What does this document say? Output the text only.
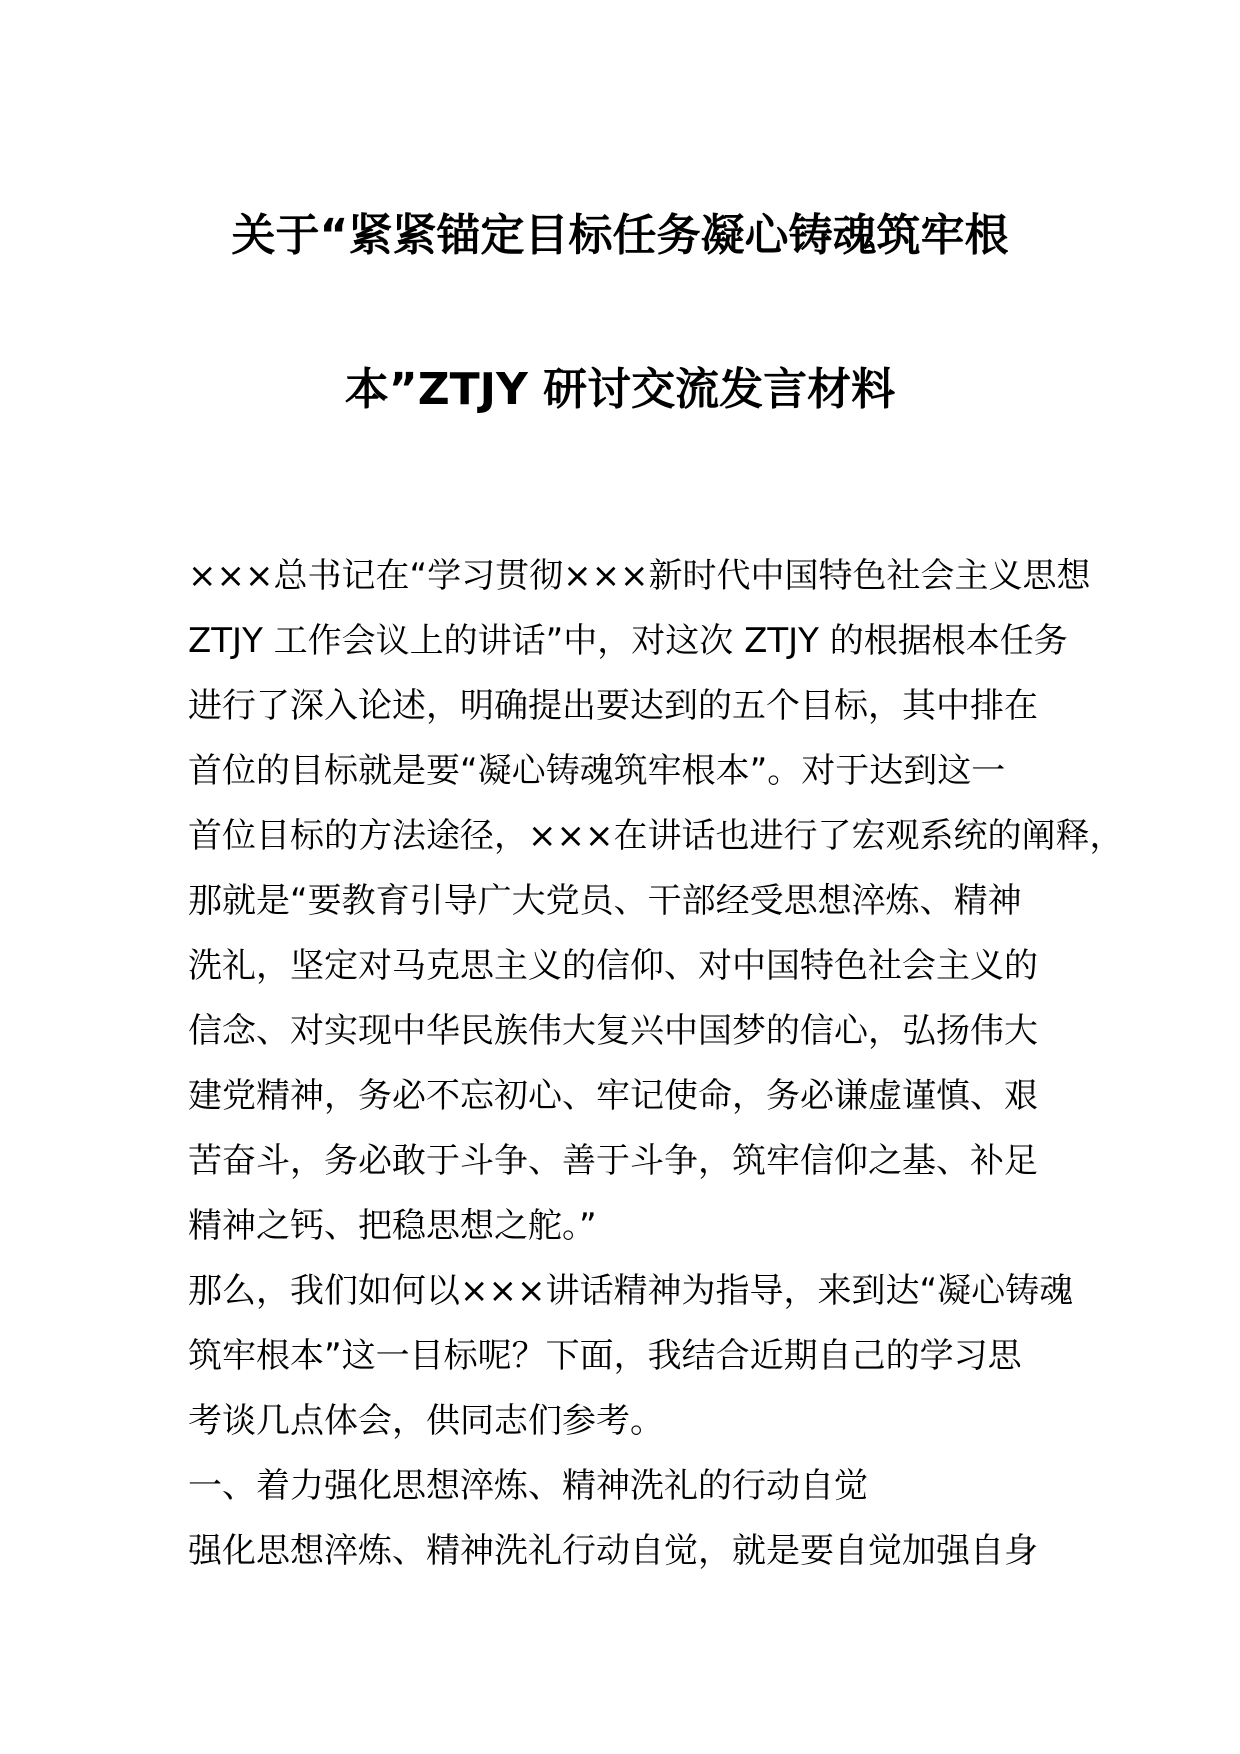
关于“紧紧锚定目标任务凝心铸魂筑牢根
本”ZTJY 研讨交流发言材料
×××总书记在“学习贯彻×××新时代中国特色社会主义思想
ZTJY 工作会议上的讲话”中，对这次 ZTJY 的根据根本任务
进行了深入论述，明确提出要达到的五个目标，其中排在
首位的目标就是要“凝心铸魂筑牢根本”。对于达到这一
首位目标的方法途径，×××在讲话也进行了宏观系统的阐释，
那就是“要教育引导广大党员、干部经受思想淬炼、精神
洗礼，坚定对马克思主义的信仰、对中国特色社会主义的
信念、对实现中华民族伟大复兴中国梦的信心，弘扬伟大
建党精神，务必不忘初心、牢记使命，务必谦虚谨慎、艰
苦奋斗，务必敢于斗争、善于斗争，筑牢信仰之基、补足
精神之钙、把稳思想之舵。”
那么，我们如何以×××讲话精神为指导，来到达“凝心铸魂
筑牢根本”这一目标呢？下面，我结合近期自己的学习思
考谈几点体会，供同志们参考。
一、着力强化思想淬炼、精神洗礼的行动自觉
强化思想淬炼、精神洗礼行动自觉，就是要自觉加强自身
